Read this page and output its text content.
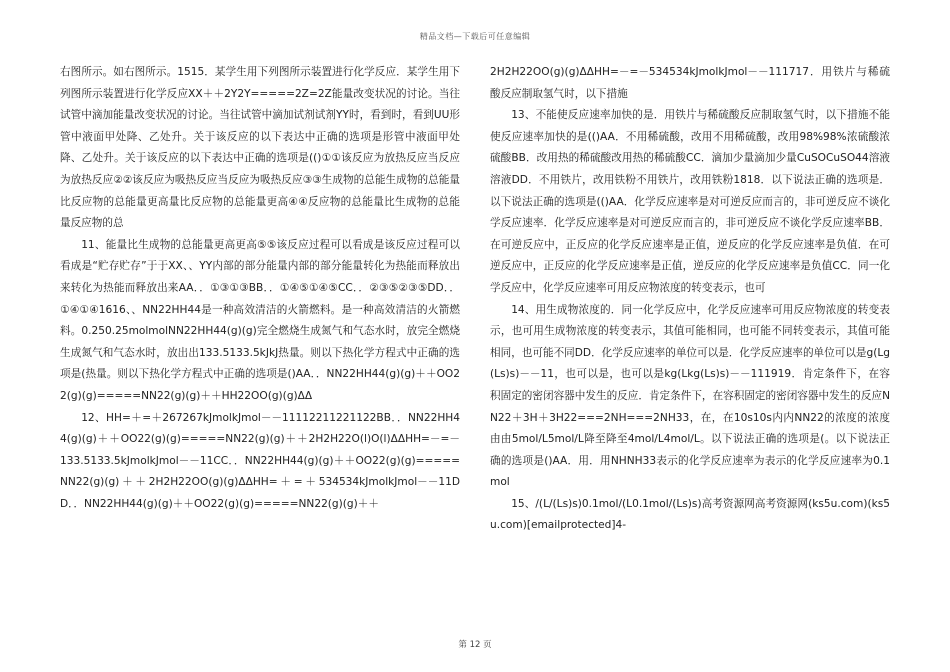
精品文档—下载后可任意编辑

右图所示。如右图所示。1515．某学生用下列图所示装置进行化学反应．某学生用下列图所示装置进行化学反应XX＋＋2Y2Y=====2Z=2Z能量改变状况的讨论。当往试管中滴加能量改变状况的讨论。当往试管中滴加试剂试剂YY时，看到时，看到UU形管中液面甲处降、乙处升。关于该反应的以下表达中正确的选项是形管中液面甲处降、乙处升。关于该反应的以下表达中正确的选项是(()①①该反应为放热反应当反应为放热反应②②该反应为吸热反应当反应为吸热反应③③生成物的总能生成物的总能量比反应物的总能量更高量比反应物的总能量更高④④反应物的总能量比生成物的总能量反应物的总

11、能量比生成物的总能量更高更高⑤⑤该反应过程可以看成是该反应过程可以看成是“贮存贮存”于于XX、、YY内部的部分能量内部的部分能量转化为热能而释放出来转化为热能而释放出来AA．．①③①③BB．．①④⑤①④⑤CC．．②③⑤②③⑤DD．．①④①④1616、、NN22HH44是一种高效清洁的火箭燃料。是一种高效清洁的火箭燃料。0.250.25molmolNN22HH44(g)(g)完全燃烧生成氮气和气态水时，放完全燃烧生成氮气和气态水时，放出出133.5133.5kJkJ热量。则以下热化学方程式中正确的选项是(热量。则以下热化学方程式中正确的选项是()AA．．NN22HH44(g)(g)＋＋OO22(g)(g)=====NN22(g)(g)＋＋HH22OO(g)(g)ΔΔ

12、HH=＋=＋267267kJmolkJmol－－11112211221122BB．．NN22HH44(g)(g)＋＋OO22(g)(g)=====NN22(g)(g)＋＋2H2H22O(l)O(l)ΔΔHH=－=－133.5133.5kJmolkJmol－－11CC．．NN22HH44(g)(g)＋＋OO22(g)(g)=====NN22(g)(g)＋＋2H2H22OO(g)(g)ΔΔHH=＋=＋534534kJmolkJmol－－11DD．．NN22HH44(g)(g)＋＋OO22(g)(g)=====NN22(g)(g)＋＋

2H2H22OO(g)(g)ΔΔHH=－=－534534kJmolkJmol－－111717．用铁片与稀硫酸反应制取氢气时，以下措施

13、不能使反应速率加快的是．用铁片与稀硫酸反应制取氢气时，以下措施不能使反应速率加快的是(()AA．不用稀硫酸，改用不用稀硫酸，改用98%98%浓硫酸浓硫酸BB．改用热的稀硫酸改用热的稀硫酸CC．滴加少量滴加少量CuSOCuSO44溶液溶液DD．不用铁片，改用铁粉不用铁片，改用铁粉1818．以下说法正确的选项是．以下说法正确的选项是(()AA．化学反应速率是对可逆反应而言的，非可逆反应不谈化学反应速率．化学反应速率是对可逆反应而言的，非可逆反应不谈化学反应速率BB．在可逆反应中，正反应的化学反应速率是正值，逆反应的化学反应速率是负值．在可逆反应中，正反应的化学反应速率是正值，逆反应的化学反应速率是负值CC．同一化学反应中，化学反应速率可用反应物浓度的转变表示，也可

14、用生成物浓度的．同一化学反应中，化学反应速率可用反应物浓度的转变表示，也可用生成物浓度的转变表示，其值可能相同，也可能不同转变表示，其值可能相同，也可能不同DD．化学反应速率的单位可以是．化学反应速率的单位可以是g(Lg(Ls)s)－－11，也可以是，也可以是kg(Lkg(Ls)s)－－111919．肯定条件下，在容积固定的密闭容器中发生的反应．肯定条件下，在容积固定的密闭容器中发生的反应NN22＋3H＋3H22===2NH===2NH33，在，在10s10s内内NN22的浓度的浓度由由5mol/L5mol/L降至降至4mol/L4mol/L。以下说法正确的选项是(。以下说法正确的选项是()AA．用．用NHNH33表示的化学反应速率为表示的化学反应速率为0.1mol

15、/(L/(Ls)s)0.1mol/(L0.1mol/(Ls)s)高考资源网高考资源网(ks5u.com)(ks5u.com)[emailprotected]4-

第 12 页
